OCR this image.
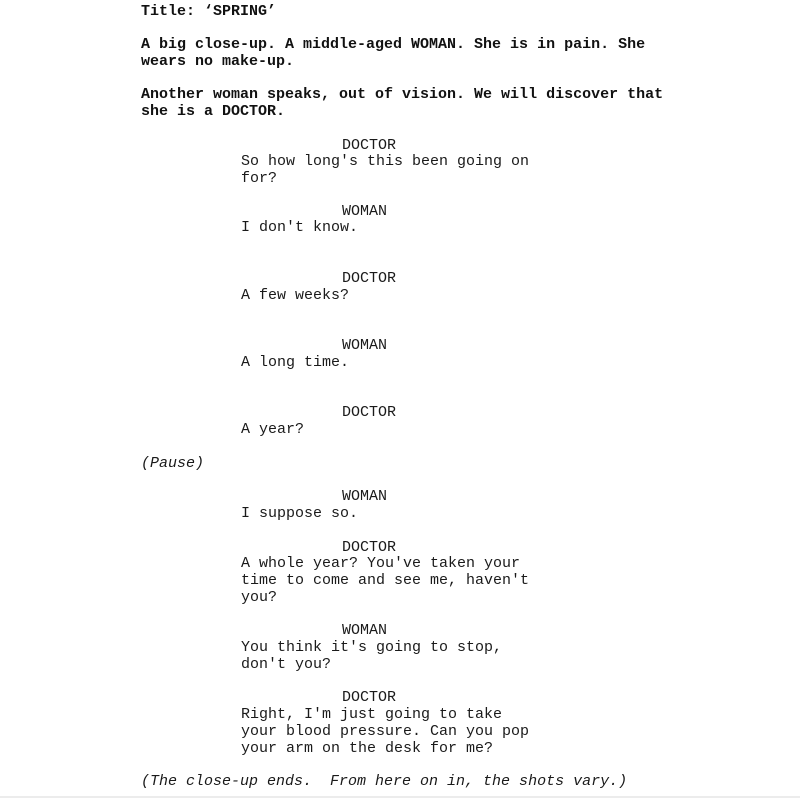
Title: ‘SPRING’
A big close-up. A middle-aged WOMAN. She is in pain. She
wears no make-up.
Another woman speaks, out of vision. We will discover that
she is a DOCTOR.
DOCTOR
So how long's this been going on
for?
WOMAN
I don't know.
DOCTOR
A few weeks?
WOMAN
A long time.
DOCTOR
A year?
(Pause)
WOMAN
I suppose so.
DOCTOR
A whole year? You've taken your
time to come and see me, haven't
you?
WOMAN
You think it's going to stop,
don't you?
DOCTOR
Right, I'm just going to take
your blood pressure. Can you pop
your arm on the desk for me?
(The close-up ends.  From here on in, the shots vary.)
